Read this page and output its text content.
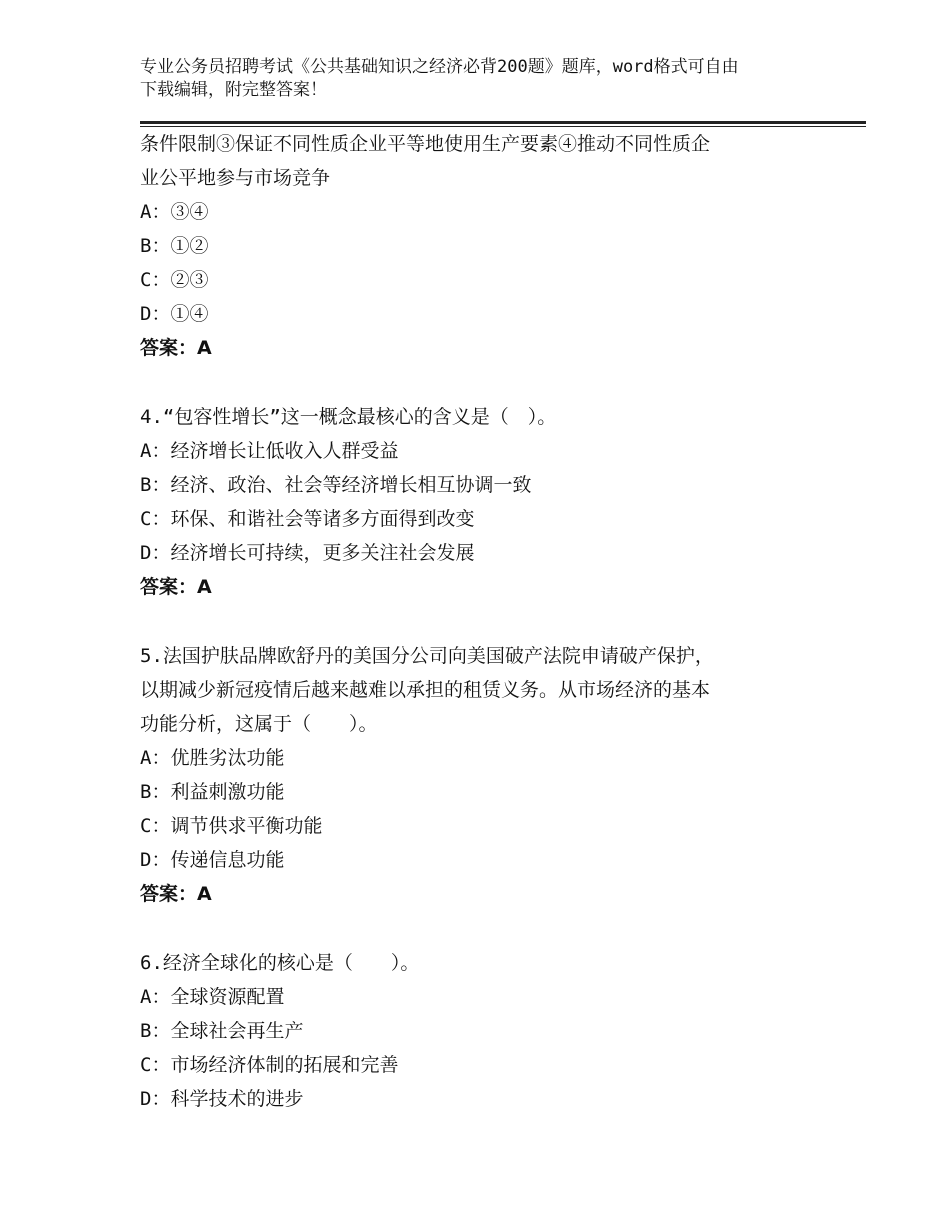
专业公务员招聘考试《公共基础知识之经济必背200题》题库，word格式可自由
下载编辑，附完整答案！
条件限制③保证不同性质企业平等地使用生产要素④推动不同性质企
业公平地参与市场竞争
A：③④
B：①②
C：②③
D：①④
答案：A
4.“包容性增长”这一概念最核心的含义是（　）。
A：经济增长让低收入人群受益
B：经济、政治、社会等经济增长相互协调一致
C：环保、和谐社会等诸多方面得到改变
D：经济增长可持续，更多关注社会发展
答案：A
5.法国护肤品牌欧舒丹的美国分公司向美国破产法院申请破产保护，
以期减少新冠疫情后越来越难以承担的租赁义务。从市场经济的基本
功能分析，这属于（　　）。
A：优胜劣汰功能
B：利益刺激功能
C：调节供求平衡功能
D：传递信息功能
答案：A
6.经济全球化的核心是（　　）。
A：全球资源配置
B：全球社会再生产
C：市场经济体制的拓展和完善
D：科学技术的进步
